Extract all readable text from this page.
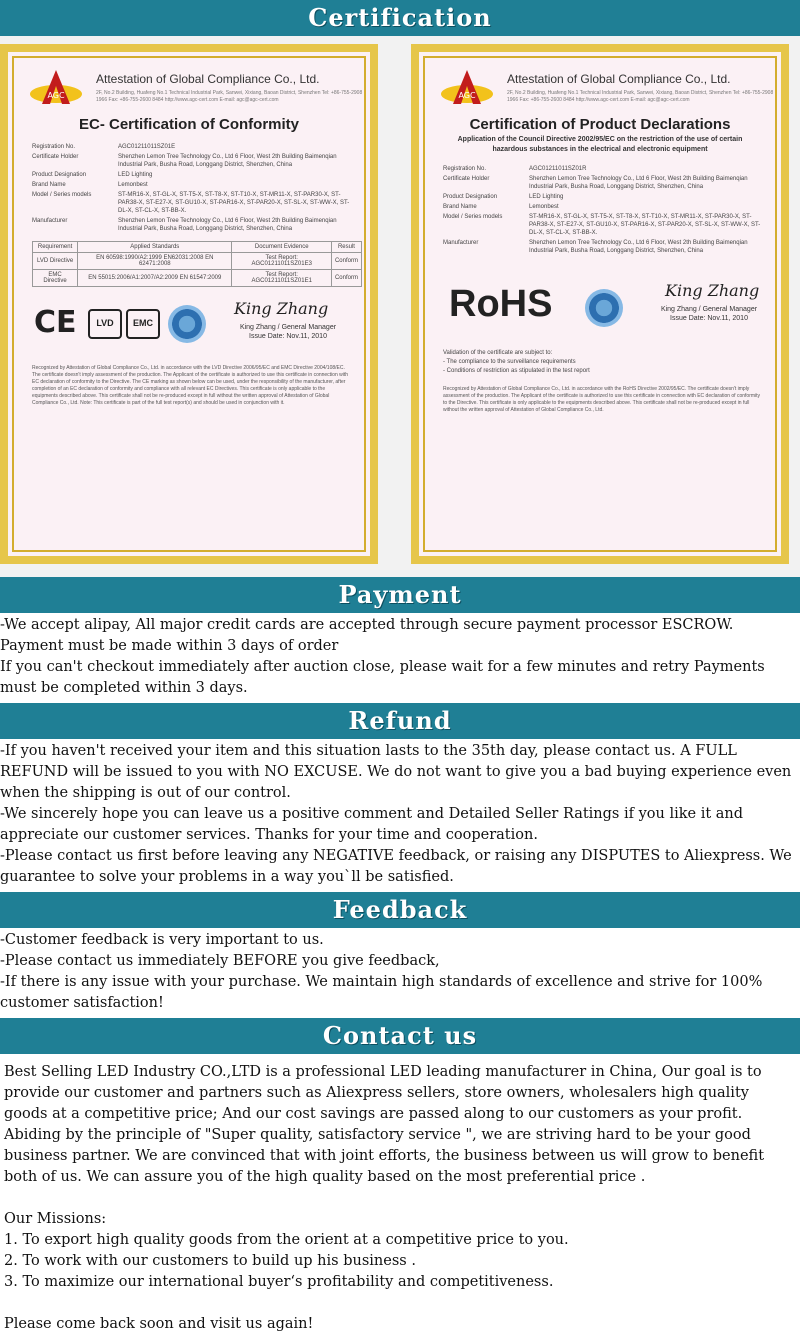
Certification
AGC
Attestation of Global Compliance Co., Ltd.
2F, No.2 Building, Huafeng No.1 Technical Industrial Park, Sanwei, Xixiang, Baoan District, Shenzhen Tel: +86-755-2908 1966 Fax: +86-755-2600 8484 http://www.agc-cert.com E-mail: agc@agc-cert.com
EC- Certification of Conformity
Registration No.	AGC01211011SZ01E
Certificate Holder	Shenzhen Lemon Tree Technology Co., Ltd 6 Floor, West 2th Building Baimenqian Industrial Park, Busha Road, Longgang District, Shenzhen, China
Product Designation	LED Lighting
Brand Name	Lemonbest
Model / Series models	ST-MR16-X, ST-GL-X, ST-T5-X, ST-T8-X, ST-T10-X, ST-MR11-X, ST-PAR30-X, ST-PAR38-X, ST-E27-X, ST-GU10-X, ST-PAR16-X, ST-PAR20-X, ST-SL-X, ST-WW-X, ST-DL-X, ST-CL-X, ST-BB-X.
Manufacturer	Shenzhen Lemon Tree Technology Co., Ltd 6 Floor, West 2th Building Baimenqian Industrial Park, Busha Road, Longgang District, Shenzhen, China
Requirement	Applied Standards	Document Evidence	Result
LVD Directive	EN 60598:1990/A2:1999 EN62031:2008 EN 62471:2008	Test Report: AGC01211011SZ01E3	Conform
EMC Directive	EN 55015:2006/A1:2007/A2:2009 EN 61547:2009	Test Report: AGC01211011SZ01E1	Conform
CE	LVD	EMC
King Zhang
King Zhang / General Manager
Issue Date: Nov.11, 2010
Recognized by Attestation of Global Compliance Co., Ltd. in accordance with the LVD Directive 2006/95/EC and EMC Directive 2004/108/EC. The certificate doesn't imply assessment of the production. The Applicant of the certificate is authorized to use this certificate in connection with EC declaration of conformity to the Directive. The CE marking as shown below can be used, under the responsibility of the manufacturer, after completion of an EC declaration of conformity and compliance with all relevant EC Directives. This certificate is only applicable to the equipments described above. This certificate shall not be re-produced except in full without the written approval of Attestation of Global Compliance Co., Ltd. Note: This certificate is part of the full test report(s) and should be used in conjunction with it.
AGC
Attestation of Global Compliance Co., Ltd.
2F, No.2 Building, Huafeng No.1 Technical Industrial Park, Sanwei, Xixiang, Baoan District, Shenzhen Tel: +86-755-2908 1966 Fax: +86-755-2600 8484 http://www.agc-cert.com E-mail: agc@agc-cert.com
Certification of Product Declarations
Application of the Council Directive 2002/95/EC on the restriction of the use of certain hazardous substances in the electrical and electronic equipment
Registration No.	AGC01211011SZ01R
Certificate Holder	Shenzhen Lemon Tree Technology Co., Ltd 6 Floor, West 2th Building Baimenqian Industrial Park, Busha Road, Longgang District, Shenzhen, China
Product Designation	LED Lighting
Brand Name	Lemonbest
Model / Series models	ST-MR16-X, ST-GL-X, ST-T5-X, ST-T8-X, ST-T10-X, ST-MR11-X, ST-PAR30-X, ST-PAR38-X, ST-E27-X, ST-GU10-X, ST-PAR16-X, ST-PAR20-X, ST-SL-X, ST-WW-X, ST-DL-X, ST-CL-X, ST-BB-X.
Manufacturer	Shenzhen Lemon Tree Technology Co., Ltd 6 Floor, West 2th Building Baimenqian Industrial Park, Busha Road, Longgang District, Shenzhen, China
RoHS	King Zhang
King Zhang / General Manager
Issue Date: Nov.11, 2010
Validation of the certificate are subject to:
- The compliance to the surveillance requirements
- Conditions of restriction as stipulated in the test report
Recognized by Attestation of Global Compliance Co., Ltd. in accordance with the RoHS Directive 2002/95/EC. The certificate doesn't imply assessment of the production. The Applicant of the certificate is authorized to use this certificate in connection with EC declaration of conformity to the Directive. This certificate is only applicable to the equipments described above. This certificate shall not be re-produced except in full without the written approval of Attestation of Global Compliance Co., Ltd.
Payment

-We accept alipay, All major credit cards are accepted through secure payment processor ESCROW.

Payment must be made within 3 days of order

If you can't checkout immediately after auction close, please wait for a few minutes and retry Payments must be completed within 3 days.

Refund

-If you haven't received your item and this situation lasts to the 35th day, please contact us. A FULL REFUND will be issued to you with NO EXCUSE. We do not want to give you a bad buying experience even when the shipping is out of our control.

-We sincerely hope you can leave us a positive comment and Detailed Seller Ratings if you like it and appreciate our customer services. Thanks for your time and cooperation.

-Please contact us first before leaving any NEGATIVE feedback, or raising any DISPUTES to Aliexpress. We guarantee to solve your problems in a way you`ll be satisfied.

Feedback

-Customer feedback is very important to us.

-Please contact us immediately BEFORE you give feedback,

-If there is any issue with your purchase. We maintain high standards of excellence and strive for 100% customer satisfaction!

Contact us

Best Selling LED Industry CO.,LTD is a professional LED leading manufacturer in China, Our goal is to provide our customer and partners such as Aliexpress sellers, store owners, wholesalers high quality goods at a competitive price; And our cost savings are passed along to our customers as your profit. Abiding by the principle of "Super quality, satisfactory service ", we are striving hard to be your good business partner. We are convinced that with joint efforts, the business between us will grow to benefit both of us. We can assure you of the high quality based on the most preferential price .

Our Missions:

1. To export high quality goods from the orient at a competitive price to you.

2. To work with our customers to build up his business .

3. To maximize our international buyer‘s profitability and competitiveness.

Please come back soon and visit us again!
